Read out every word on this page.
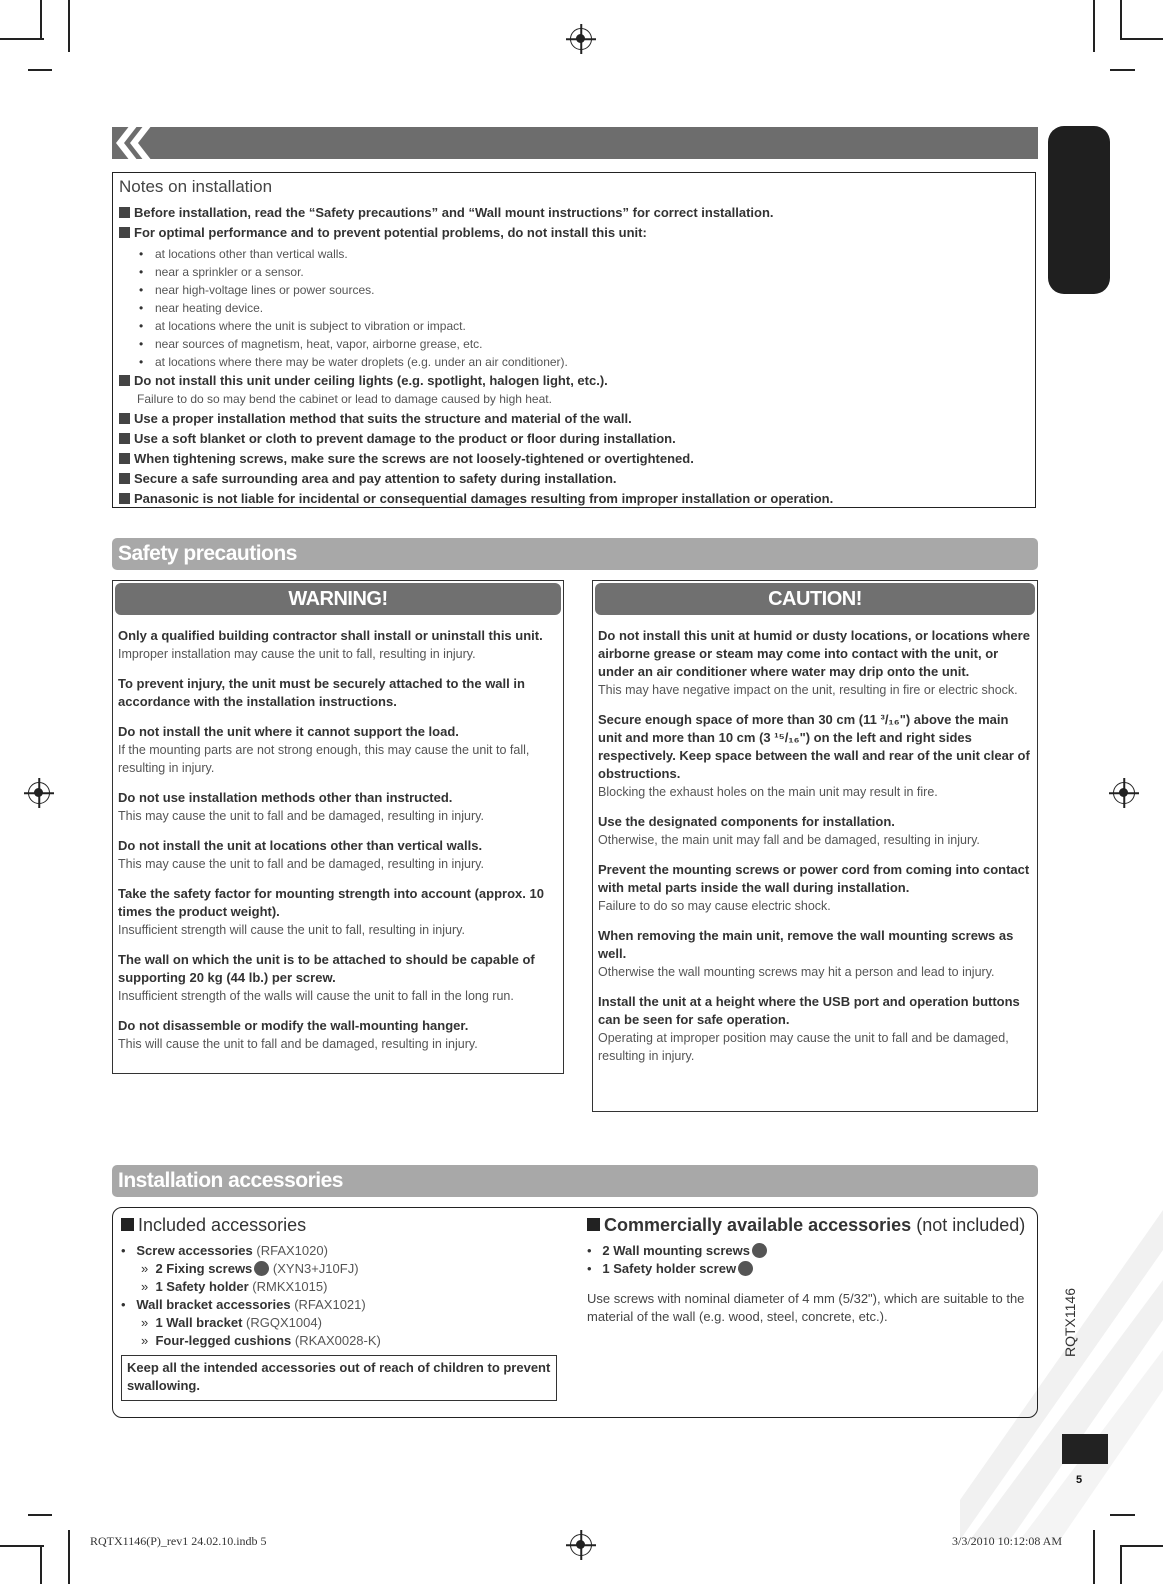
Notes on installation

Before installation, read the “Safety precautions” and “Wall mount instructions” for correct installation.

For optimal performance and to prevent potential problems, do not install this unit:

• at locations other than vertical walls.
• near a sprinkler or a sensor.
• near high-voltage lines or power sources.
• near heating device.
• at locations where the unit is subject to vibration or impact.
• near sources of magnetism, heat, vapor, airborne grease, etc.
• at locations where there may be water droplets (e.g. under an air conditioner).

Do not install this unit under ceiling lights (e.g. spotlight, halogen light, etc.).

Failure to do so may bend the cabinet or lead to damage caused by high heat.

Use a proper installation method that suits the structure and material of the wall.

Use a soft blanket or cloth to prevent damage to the product or floor during installation.

When tightening screws, make sure the screws are not loosely-tightened or overtightened.

Secure a safe surrounding area and pay attention to safety during installation.

Panasonic is not liable for incidental or consequential damages resulting from improper installation or operation.

Safety precautions
WARNING!
Only a qualified building contractor shall install or uninstall this unit.
Improper installation may cause the unit to fall, resulting in injury.
To prevent injury, the unit must be securely attached to the wall in accordance with the installation instructions.
Do not install the unit where it cannot support the load.
If the mounting parts are not strong enough, this may cause the unit to fall, resulting in injury.
Do not use installation methods other than instructed.
This may cause the unit to fall and be damaged, resulting in injury.
Do not install the unit at locations other than vertical walls.
This may cause the unit to fall and be damaged, resulting in injury.
Take the safety factor for mounting strength into account (approx. 10 times the product weight).
Insufficient strength will cause the unit to fall, resulting in injury.
The wall on which the unit is to be attached to should be capable of supporting 20 kg (44 lb.) per screw.
Insufficient strength of the walls will cause the unit to fall in the long run.
Do not disassemble or modify the wall-mounting hanger.
This will cause the unit to fall and be damaged, resulting in injury.
CAUTION!
Do not install this unit at humid or dusty locations, or locations where airborne grease or steam may come into contact with the unit, or under an air conditioner where water may drip onto the unit.
This may have negative impact on the unit, resulting in fire or electric shock.
Secure enough space of more than 30 cm (11 ³/₁₆") above the main unit and more than 10 cm (3 ¹⁵/₁₆") on the left and right sides respectively. Keep space between the wall and rear of the unit clear of obstructions.
Blocking the exhaust holes on the main unit may result in fire.
Use the designated components for installation.
Otherwise, the main unit may fall and be damaged, resulting in injury.
Prevent the mounting screws or power cord from coming into contact with metal parts inside the wall during installation.
Failure to do so may cause electric shock.
When removing the main unit, remove the wall mounting screws as well.
Otherwise the wall mounting screws may hit a person and lead to injury.
Install the unit at a height where the USB port and operation buttons can be seen for safe operation.
Operating at improper position may cause the unit to fall and be damaged, resulting in injury.
Installation accessories
Included accessories
•   Screw accessories (RFAX1020)
»  2 Fixing screws (XYN3+J10FJ)
»  1 Safety holder (RMKX1015)
•   Wall bracket accessories (RFAX1021)
»  1 Wall bracket (RGQX1004)
»  Four-legged cushions (RKAX0028-K)
Keep all the intended accessories out of reach of children to prevent swallowing.
Commercially available accessories (not included)
•   2 Wall mounting screws
•   1 Safety holder screw
Use screws with nominal diameter of 4 mm (5/32"), which are suitable to the material of the wall (e.g. wood, steel, concrete, etc.).	RQTX1146
5
RQTX1146(P)_rev1 24.02.10.indb 5	3/3/2010 10:12:08 AM
